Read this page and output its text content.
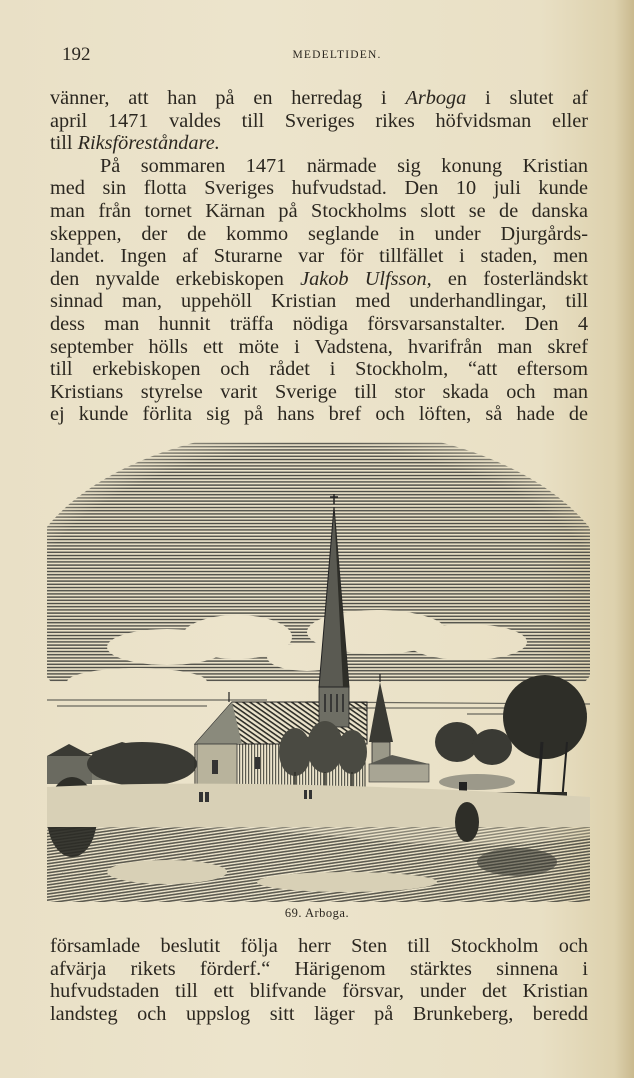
192	MEDELTIDEN.
vänner, att han på en herredag i Arboga i slutet af
april 1471 valdes till Sveriges rikes höfvidsman eller
till Riksföreståndare.
På sommaren 1471 närmade sig konung Kristian
med sin flotta Sveriges hufvudstad. Den 10 juli kunde
man från tornet Kärnan på Stockholms slott se de danska
skeppen, der de kommo seglande in under Djurgårds-
landet. Ingen af Sturarne var för tillfället i staden, men
den nyvalde erkebiskopen Jakob Ulfsson, en fosterländskt
sinnad man, uppehöll Kristian med underhandlingar, till
dess man hunnit träffa nödiga försvarsanstalter. Den 4
september hölls ett möte i Vadstena, hvarifrån man skref
till erkebiskopen och rådet i Stockholm, “att eftersom
Kristians styrelse varit Sverige till stor skada och man
ej kunde förlita sig på hans bref och löften, så hade de
69. Arboga.
församlade beslutit följa herr Sten till Stockholm och
afvärja rikets förderf.“ Härigenom stärktes sinnena i
hufvudstaden till ett blifvande försvar, under det Kristian
landsteg och uppslog sitt läger på Brunkeberg, beredd
